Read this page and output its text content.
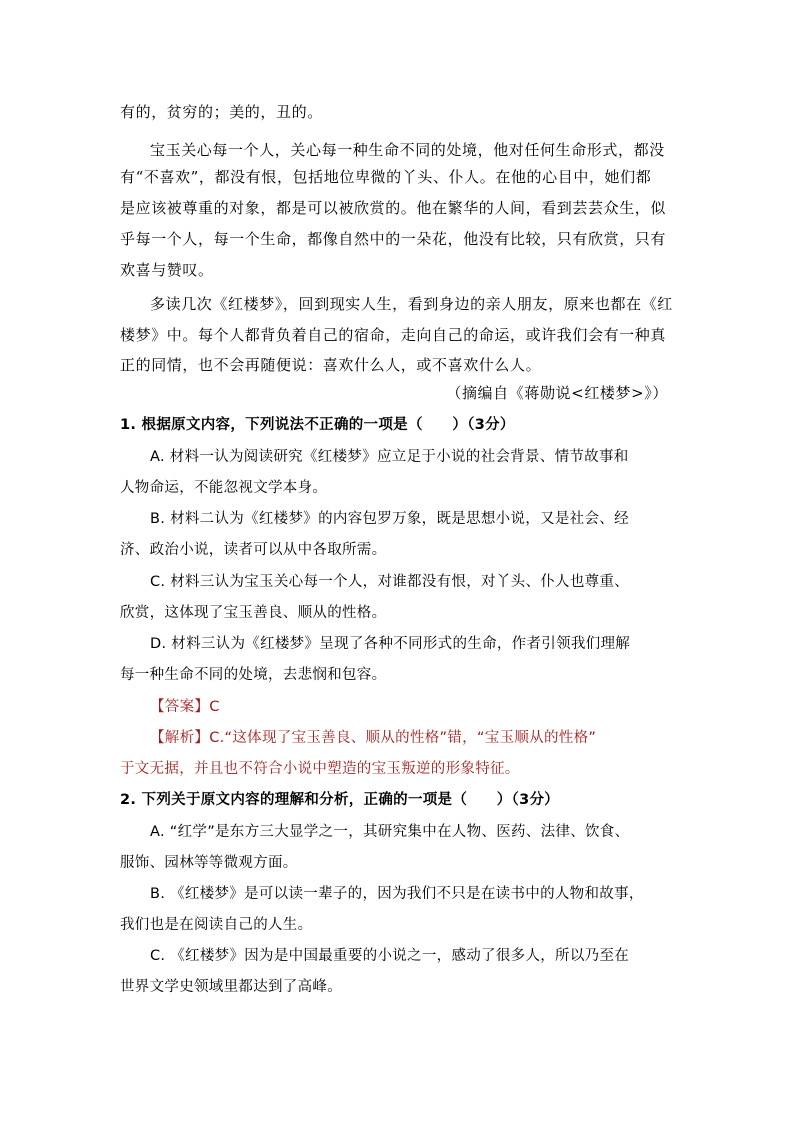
有的，贫穷的；美的，丑的。
宝玉关心每一个人，关心每一种生命不同的处境，他对任何生命形式，都没
有“不喜欢”，都没有恨，包括地位卑微的丫头、仆人。在他的心目中，她们都
是应该被尊重的对象，都是可以被欣赏的。他在繁华的人间，看到芸芸众生，似
乎每一个人，每一个生命，都像自然中的一朵花，他没有比较，只有欣赏，只有
欢喜与赞叹。
多读几次《红楼梦》，回到现实人生，看到身边的亲人朋友，原来也都在《红
楼梦》中。每个人都背负着自己的宿命，走向自己的命运，或许我们会有一种真
正的同情，也不会再随便说：喜欢什么人，或不喜欢什么人。
（摘编自《蒋勋说<红楼梦>》）
1. 根据原文内容，下列说法不正确的一项是（　　）（3分）
A. 材料一认为阅读研究《红楼梦》应立足于小说的社会背景、情节故事和
人物命运，不能忽视文学本身。
B. 材料二认为《红楼梦》的内容包罗万象，既是思想小说，又是社会、经
济、政治小说，读者可以从中各取所需。
C. 材料三认为宝玉关心每一个人，对谁都没有恨，对丫头、仆人也尊重、
欣赏，这体现了宝玉善良、顺从的性格。
D. 材料三认为《红楼梦》呈现了各种不同形式的生命，作者引领我们理解
每一种生命不同的处境，去悲悯和包容。
【答案】C
【解析】C.“这体现了宝玉善良、顺从的性格”错，“宝玉顺从的性格”
于文无据，并且也不符合小说中塑造的宝玉叛逆的形象特征。
2. 下列关于原文内容的理解和分析，正确的一项是（　　）（3分）
A. “红学”是东方三大显学之一，其研究集中在人物、医药、法律、饮食、
服饰、园林等等微观方面。
B. 《红楼梦》是可以读一辈子的，因为我们不只是在读书中的人物和故事，
我们也是在阅读自己的人生。
C. 《红楼梦》因为是中国最重要的小说之一，感动了很多人，所以乃至在
世界文学史领域里都达到了高峰。
